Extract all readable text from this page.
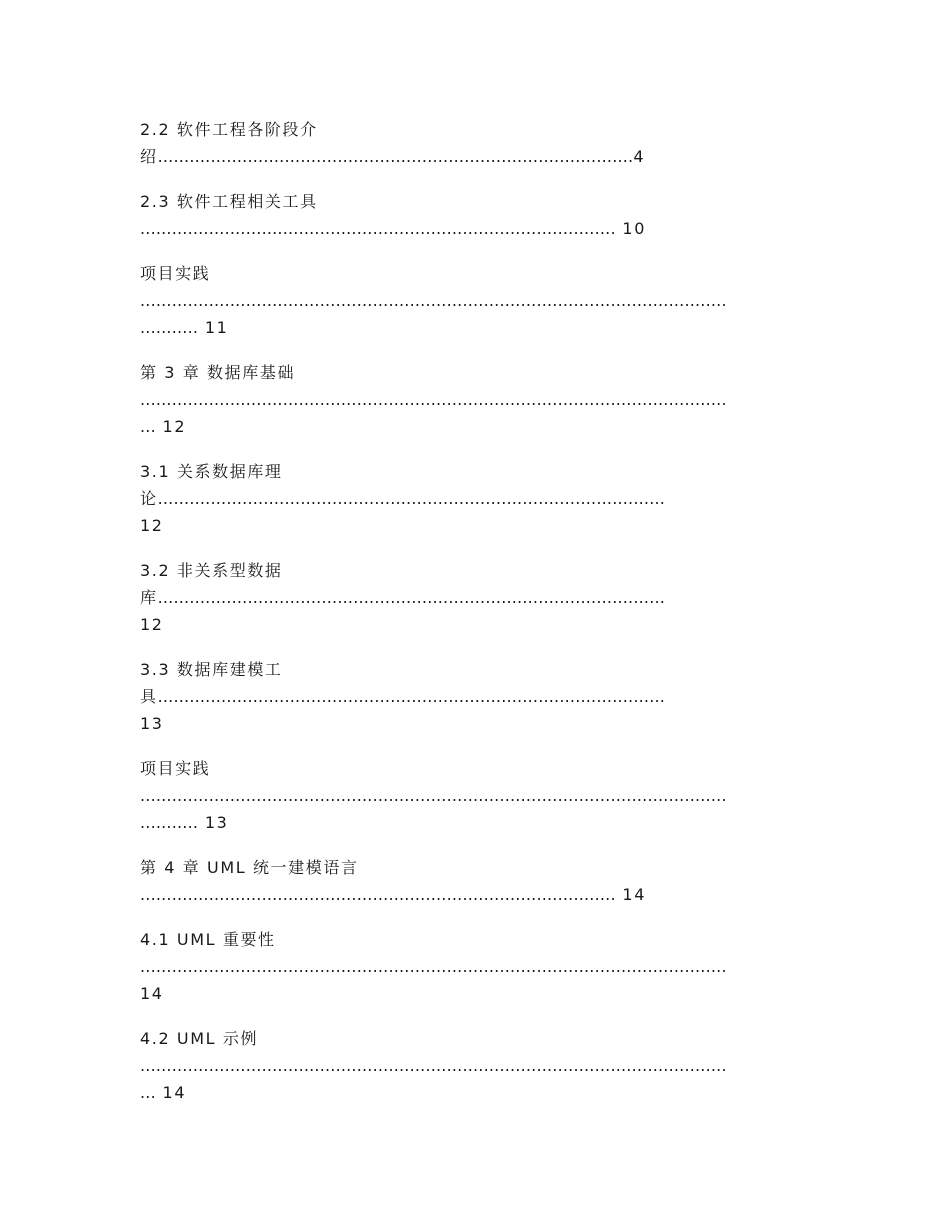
2.2 软件工程各阶段介
绍..........................................................................................4
2.3 软件工程相关工具
.......................................................................................... 10
项目实践
...............................................................................................................
........... 11
第 3 章 数据库基础
...............................................................................................................
... 12
3.1 关系数据库理
论................................................................................................
12
3.2 非关系型数据
库................................................................................................
12
3.3 数据库建模工
具................................................................................................
13
项目实践
...............................................................................................................
........... 13
第 4 章 UML 统一建模语言
.......................................................................................... 14
4.1 UML 重要性
...............................................................................................................
14
4.2 UML 示例
...............................................................................................................
... 14
